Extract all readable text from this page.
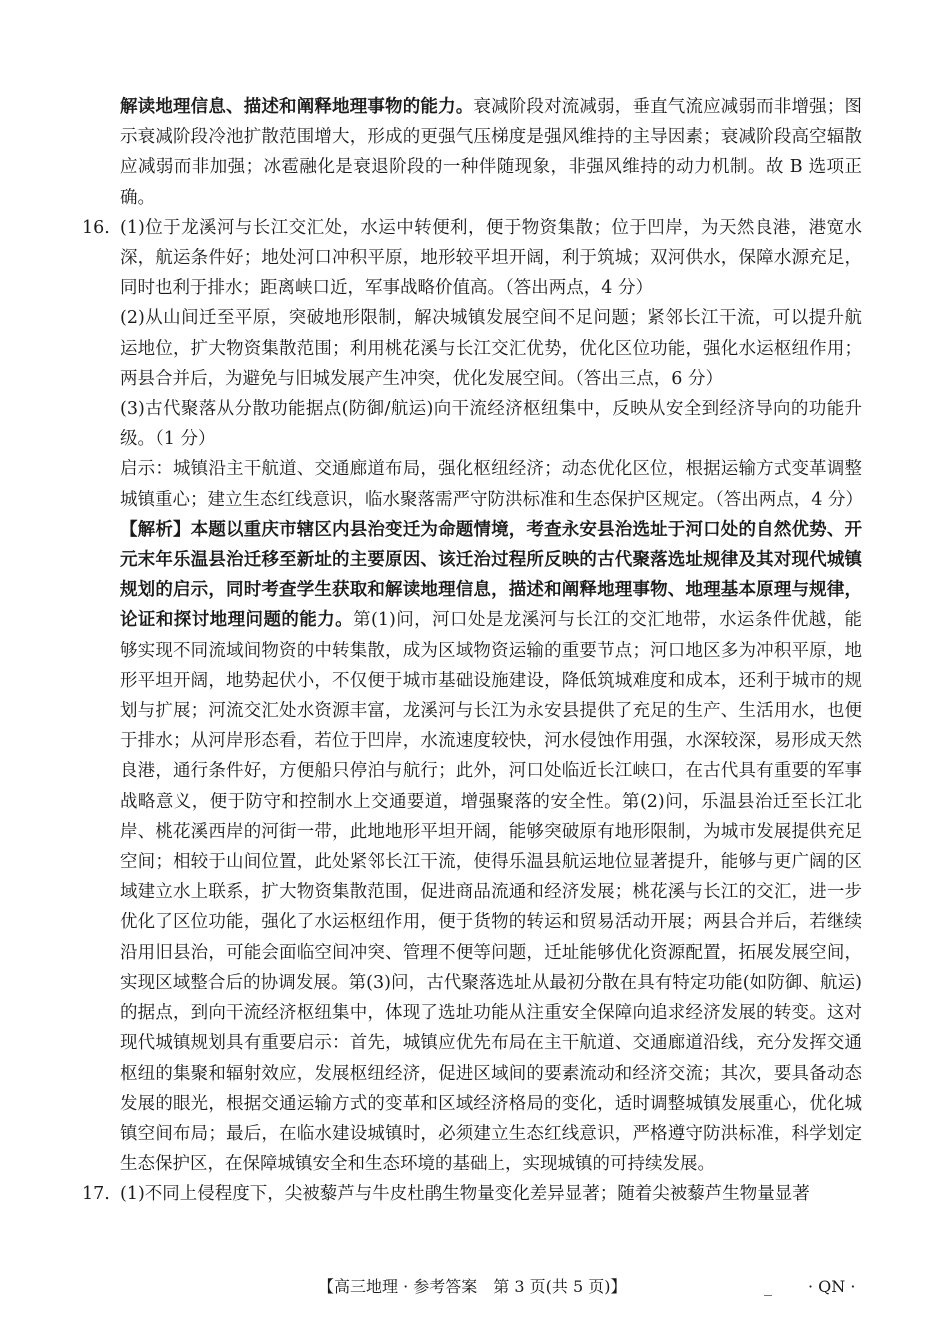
解读地理信息、描述和阐释地理事物的能力。衰减阶段对流减弱，垂直气流应减弱而非增强；图示衰减阶段冷池扩散范围增大，形成的更强气压梯度是强风维持的主导因素；衰减阶段高空辐散应减弱而非加强；冰雹融化是衰退阶段的一种伴随现象，非强风维持的动力机制。故 B 选项正确。

16. (1)位于龙溪河与长江交汇处，水运中转便利，便于物资集散；位于凹岸，为天然良港，港宽水深，航运条件好；地处河口冲积平原，地形较平坦开阔，利于筑城；双河供水，保障水源充足，同时也利于排水；距离峡口近，军事战略价值高。（答出两点，4 分）

(2)从山间迁至平原，突破地形限制，解决城镇发展空间不足问题；紧邻长江干流，可以提升航运地位，扩大物资集散范围；利用桃花溪与长江交汇优势，优化区位功能，强化水运枢纽作用；两县合并后，为避免与旧城发展产生冲突，优化发展空间。（答出三点，6 分）

(3)古代聚落从分散功能据点(防御/航运)向干流经济枢纽集中，反映从安全到经济导向的功能升级。（1 分）

启示：城镇沿主干航道、交通廊道布局，强化枢纽经济；动态优化区位，根据运输方式变革调整城镇重心；建立生态红线意识，临水聚落需严守防洪标准和生态保护区规定。（答出两点，4 分）

【解析】本题以重庆市辖区内县治变迁为命题情境，考查永安县治选址于河口处的自然优势、开元末年乐温县治迁移至新址的主要原因、该迁治过程所反映的古代聚落选址规律及其对现代城镇规划的启示，同时考查学生获取和解读地理信息，描述和阐释地理事物、地理基本原理与规律，论证和探讨地理问题的能力。第(1)问，河口处是龙溪河与长江的交汇地带，水运条件优越，能够实现不同流域间物资的中转集散，成为区域物资运输的重要节点；河口地区多为冲积平原，地形平坦开阔，地势起伏小，不仅便于城市基础设施建设，降低筑城难度和成本，还利于城市的规划与扩展；河流交汇处水资源丰富，龙溪河与长江为永安县提供了充足的生产、生活用水，也便于排水；从河岸形态看，若位于凹岸，水流速度较快，河水侵蚀作用强，水深较深，易形成天然良港，通行条件好，方便船只停泊与航行；此外，河口处临近长江峡口，在古代具有重要的军事战略意义，便于防守和控制水上交通要道，增强聚落的安全性。第(2)问，乐温县治迁至长江北岸、桃花溪西岸的河街一带，此地地形平坦开阔，能够突破原有地形限制，为城市发展提供充足空间；相较于山间位置，此处紧邻长江干流，使得乐温县航运地位显著提升，能够与更广阔的区域建立水上联系，扩大物资集散范围，促进商品流通和经济发展；桃花溪与长江的交汇，进一步优化了区位功能，强化了水运枢纽作用，便于货物的转运和贸易活动开展；两县合并后，若继续沿用旧县治，可能会面临空间冲突、管理不便等问题，迁址能够优化资源配置，拓展发展空间，实现区域整合后的协调发展。第(3)问，古代聚落选址从最初分散在具有特定功能(如防御、航运)的据点，到向干流经济枢纽集中，体现了选址功能从注重安全保障向追求经济发展的转变。这对现代城镇规划具有重要启示：首先，城镇应优先布局在主干航道、交通廊道沿线，充分发挥交通枢纽的集聚和辐射效应，发展枢纽经济，促进区域间的要素流动和经济交流；其次，要具备动态发展的眼光，根据交通运输方式的变革和区域经济格局的变化，适时调整城镇发展重心，优化城镇空间布局；最后，在临水建设城镇时，必须建立生态红线意识，严格遵守防洪标准，科学划定生态保护区，在保障城镇安全和生态环境的基础上，实现城镇的可持续发展。

17. (1)不同上侵程度下，尖被藜芦与牛皮杜鹃生物量变化差异显著；随着尖被藜芦生物量显著

【高三地理 · 参考答案　第 3 页(共 5 页)】	_ · QN ·
